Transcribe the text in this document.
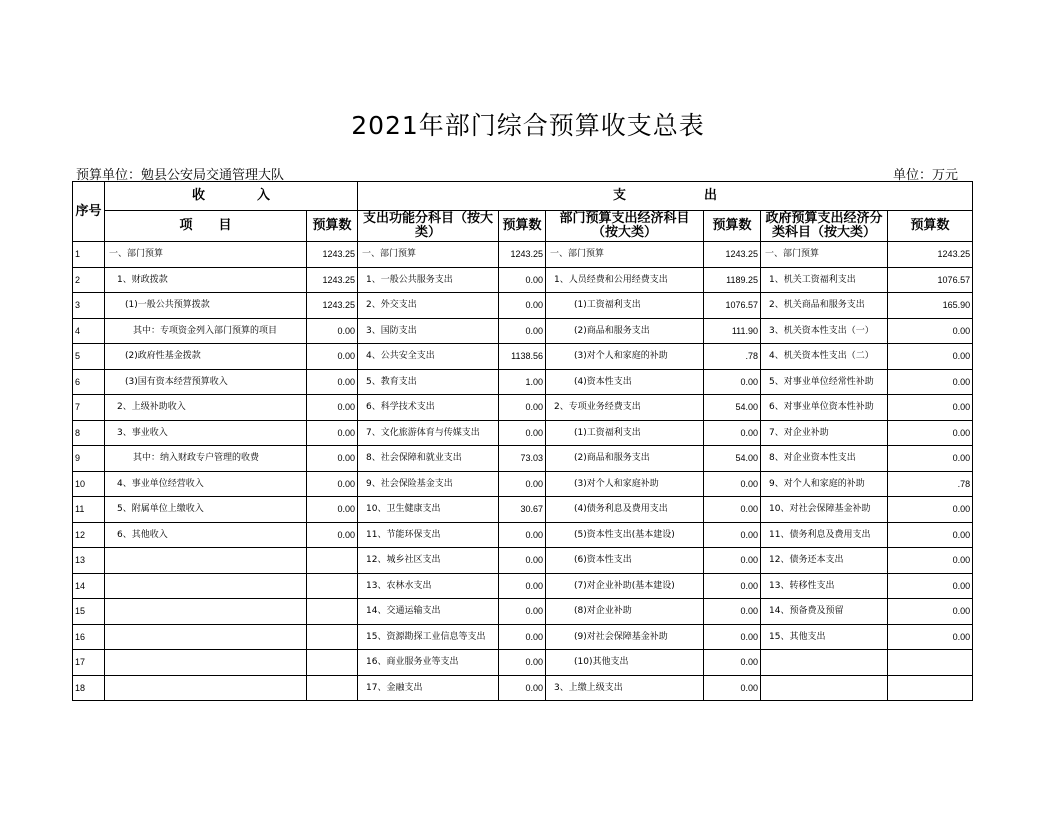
2021年部门综合预算收支总表
预算单位：勉县公安局交通管理大队	单位：万元
序号	收　　　　入		支　　　　　　出					
	项　　目	预算数	支出功能分科目（按大类）	预算数	部门预算支出经济科目（按大类）	预算数	政府预算支出经济分类科目（按大类）	预算数
1	一、部门预算	1243.25	一、部门预算	1243.25	一、部门预算	1243.25	一、部门预算	1243.25
2	1、财政拨款	1243.25	1、一般公共服务支出	0.00	1、人员经费和公用经费支出	1189.25	1、机关工资福利支出	1076.57
3	(1)一般公共预算拨款	1243.25	2、外交支出	0.00	(1)工资福利支出	1076.57	2、机关商品和服务支出	165.90
4	其中：专项资金列入部门预算的项目	0.00	3、国防支出	0.00	(2)商品和服务支出	111.90	3、机关资本性支出（一）	0.00
5	(2)政府性基金拨款	0.00	4、公共安全支出	1138.56	(3)对个人和家庭的补助	.78	4、机关资本性支出（二）	0.00
6	(3)国有资本经营预算收入	0.00	5、教育支出	1.00	(4)资本性支出	0.00	5、对事业单位经常性补助	0.00
7	2、上级补助收入	0.00	6、科学技术支出	0.00	2、专项业务经费支出	54.00	6、对事业单位资本性补助	0.00
8	3、事业收入	0.00	7、文化旅游体育与传媒支出	0.00	(1)工资福利支出	0.00	7、对企业补助	0.00
9	其中：纳入财政专户管理的收费	0.00	8、社会保障和就业支出	73.03	(2)商品和服务支出	54.00	8、对企业资本性支出	0.00
10	4、事业单位经营收入	0.00	9、社会保险基金支出	0.00	(3)对个人和家庭补助	0.00	9、对个人和家庭的补助	.78
11	5、附属单位上缴收入	0.00	10、卫生健康支出	30.67	(4)债务利息及费用支出	0.00	10、对社会保障基金补助	0.00
12	6、其他收入	0.00	11、节能环保支出	0.00	(5)资本性支出(基本建设)	0.00	11、债务利息及费用支出	0.00
13			12、城乡社区支出	0.00	(6)资本性支出	0.00	12、债务还本支出	0.00
14			13、农林水支出	0.00	(7)对企业补助(基本建设)	0.00	13、转移性支出	0.00
15			14、交通运输支出	0.00	(8)对企业补助	0.00	14、预备费及预留	0.00
16			15、资源勘探工业信息等支出	0.00	(9)对社会保障基金补助	0.00	15、其他支出	0.00
17			16、商业服务业等支出	0.00	(10)其他支出	0.00		
18			17、金融支出	0.00	3、上缴上级支出	0.00		
